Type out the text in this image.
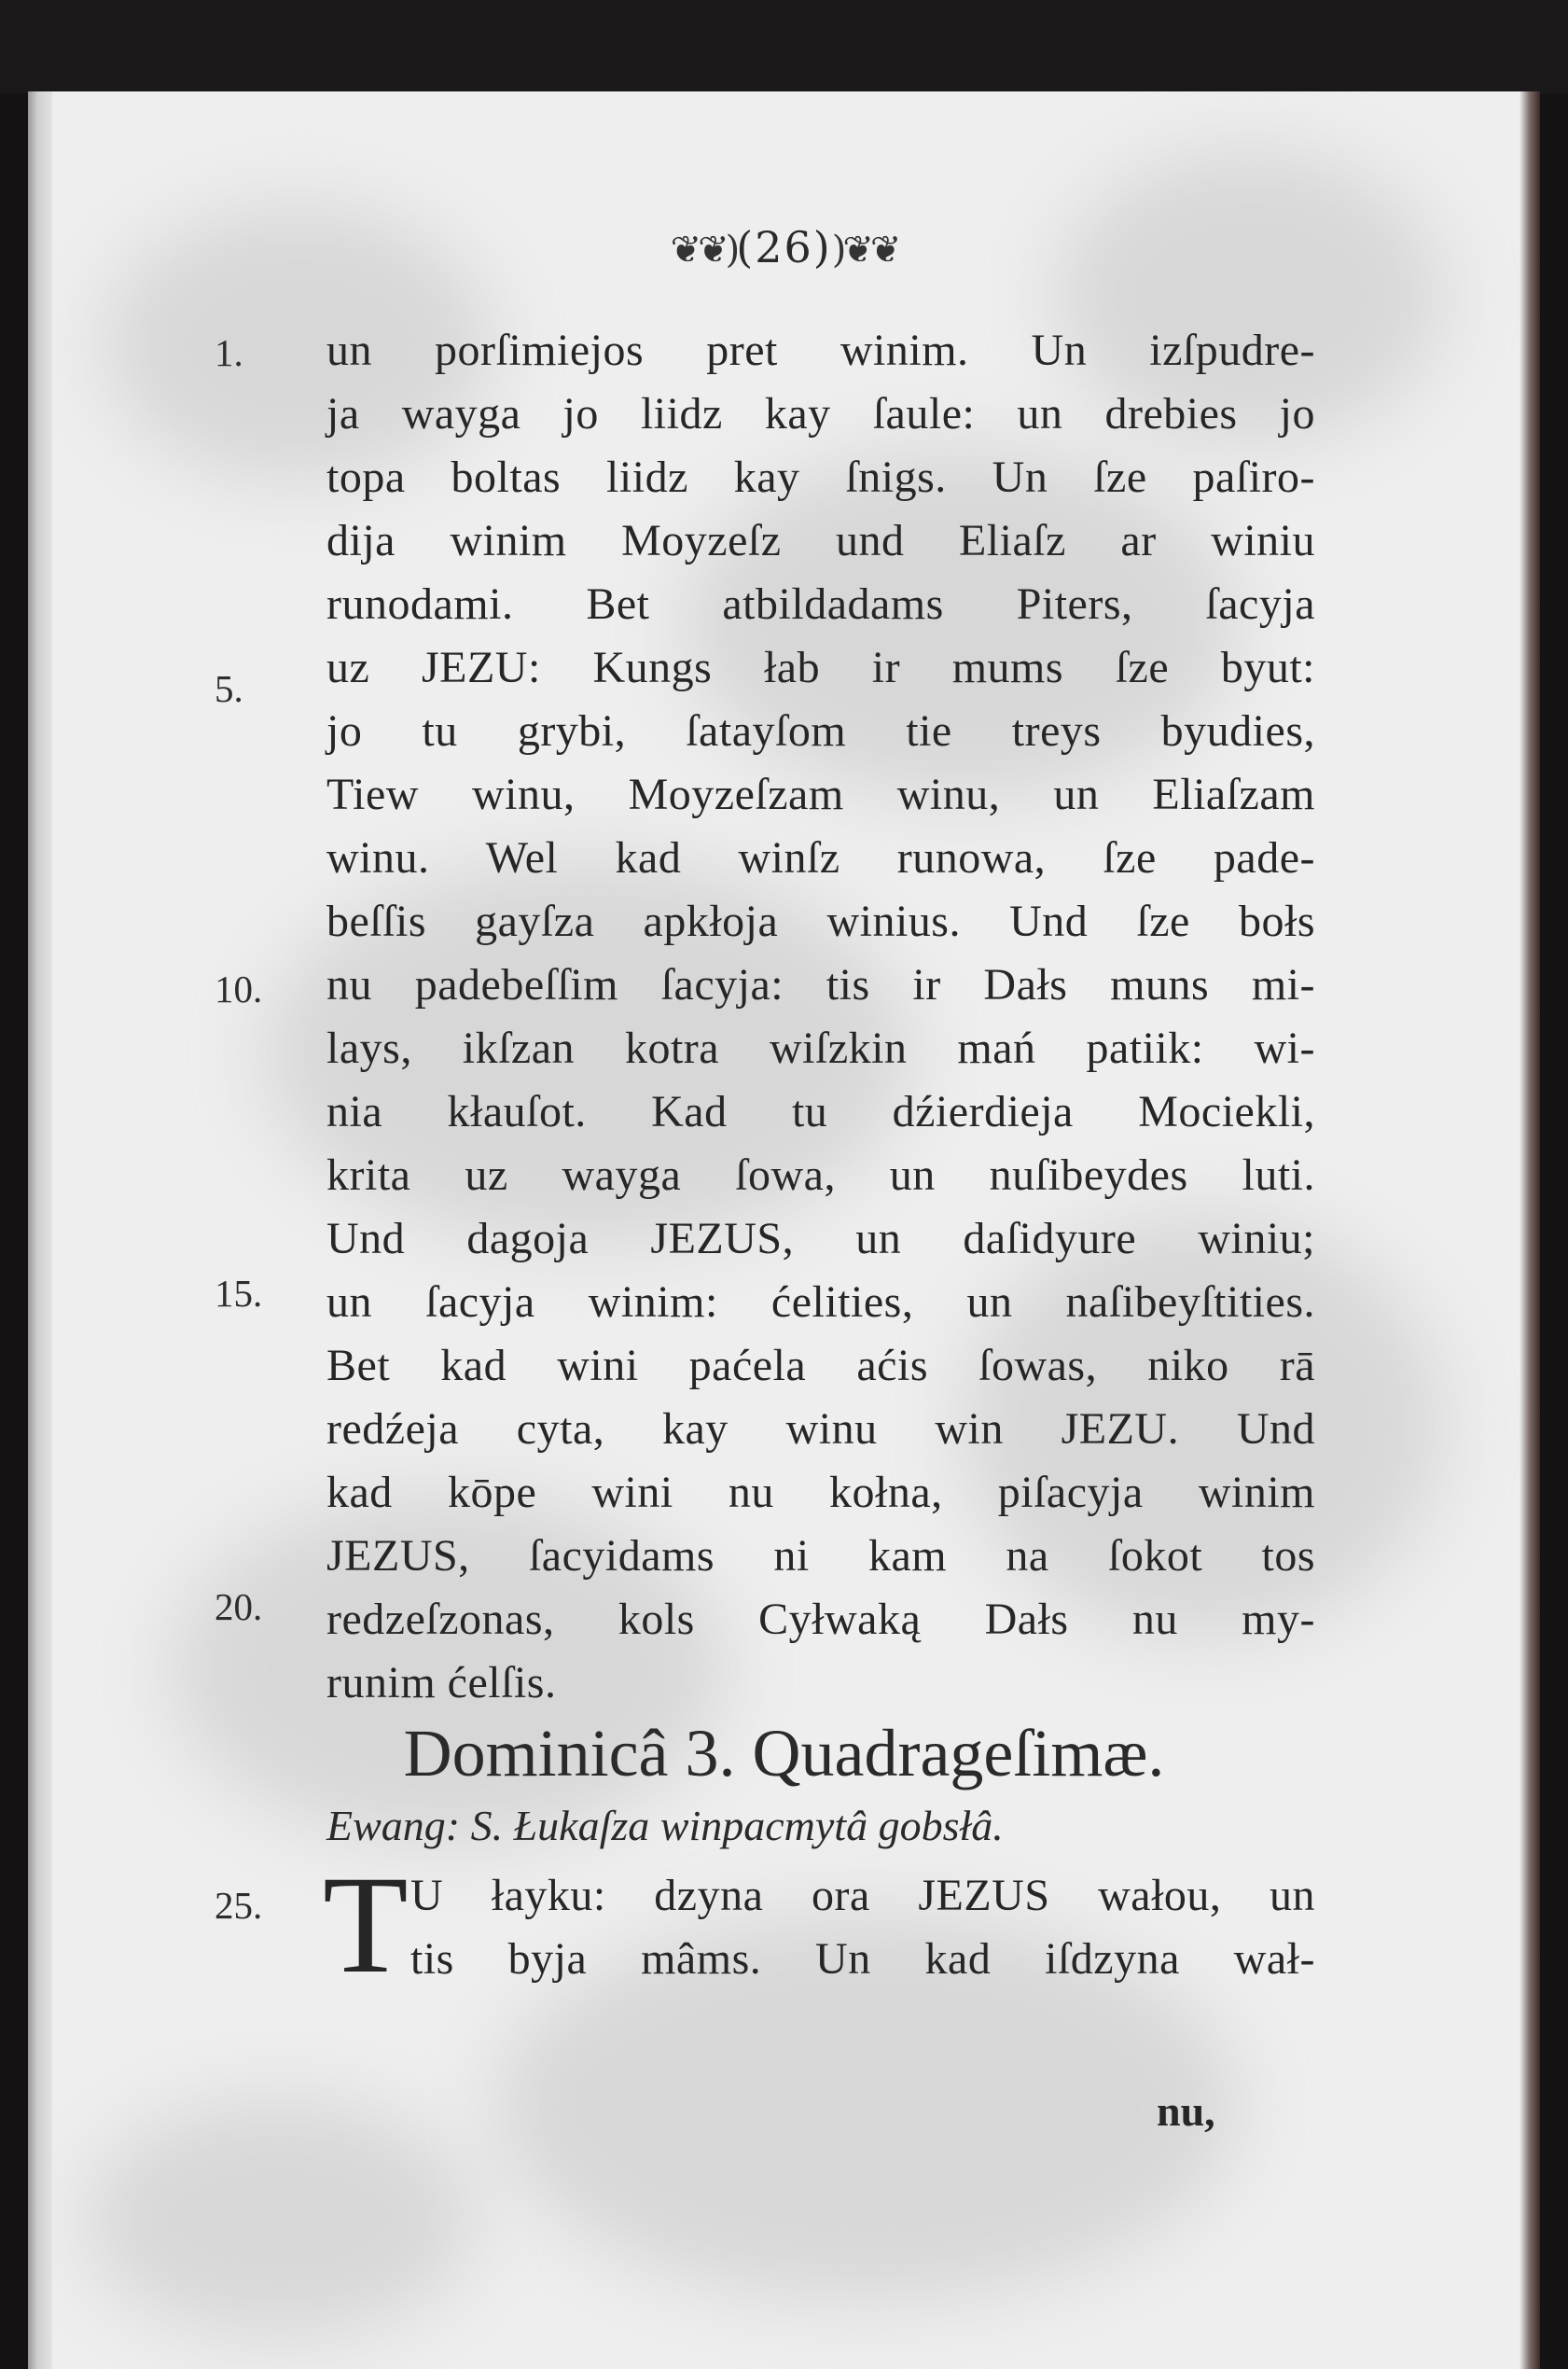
❦❦)(26))❦❦
1.
5.
10.
15.
20.
25.
un porſimiejos pret winim. Un izſpudre-
ja wayga jo liidz kay ſaule: un drebies jo
topa boltas liidz kay ſnigs. Un ſze paſiro-
dija winim Moyzeſz und Eliaſz ar winiu
runodami. Bet atbildadams Piters, ſacyja
uz JEZU: Kungs łab ir mums ſze byut:
jo tu grybi, ſatayſom tie treys byudies,
Tiew winu, Moyzeſzam winu, un Eliaſzam
winu. Wel kad winſz runowa, ſze pade-
beſſis gayſza apkłoja winius. Und ſze bołs
nu padebeſſim ſacyja: tis ir Dałs muns mi-
lays, ikſzan kotra wiſzkin mań patiik: wi-
nia kłauſot. Kad tu dźierdieja Mociekli,
krita uz wayga ſowa, un nuſibeydes luti.
Und dagoja JEZUS, un daſidyure winiu;
un ſacyja winim: ćelities, un naſibeyſtities.
Bet kad wini paćela aćis ſowas, niko rā
redźeja cyta, kay winu win JEZU. Und
kad kōpe wini nu kołna, piſacyja winim
JEZUS, ſacyidams ni kam na ſokot tos
redzeſzonas, kols Cyłwaką Dałs nu my-
runim ćelſis.
Dominicâ 3. Quadrageſimæ.
Ewang: S. Łukaſza winpacmytâ gobsłâ.
T U łayku: dzyna ora JEZUS wałou, un
tis byja mâms. Un kad iſdzyna wał-
nu,
